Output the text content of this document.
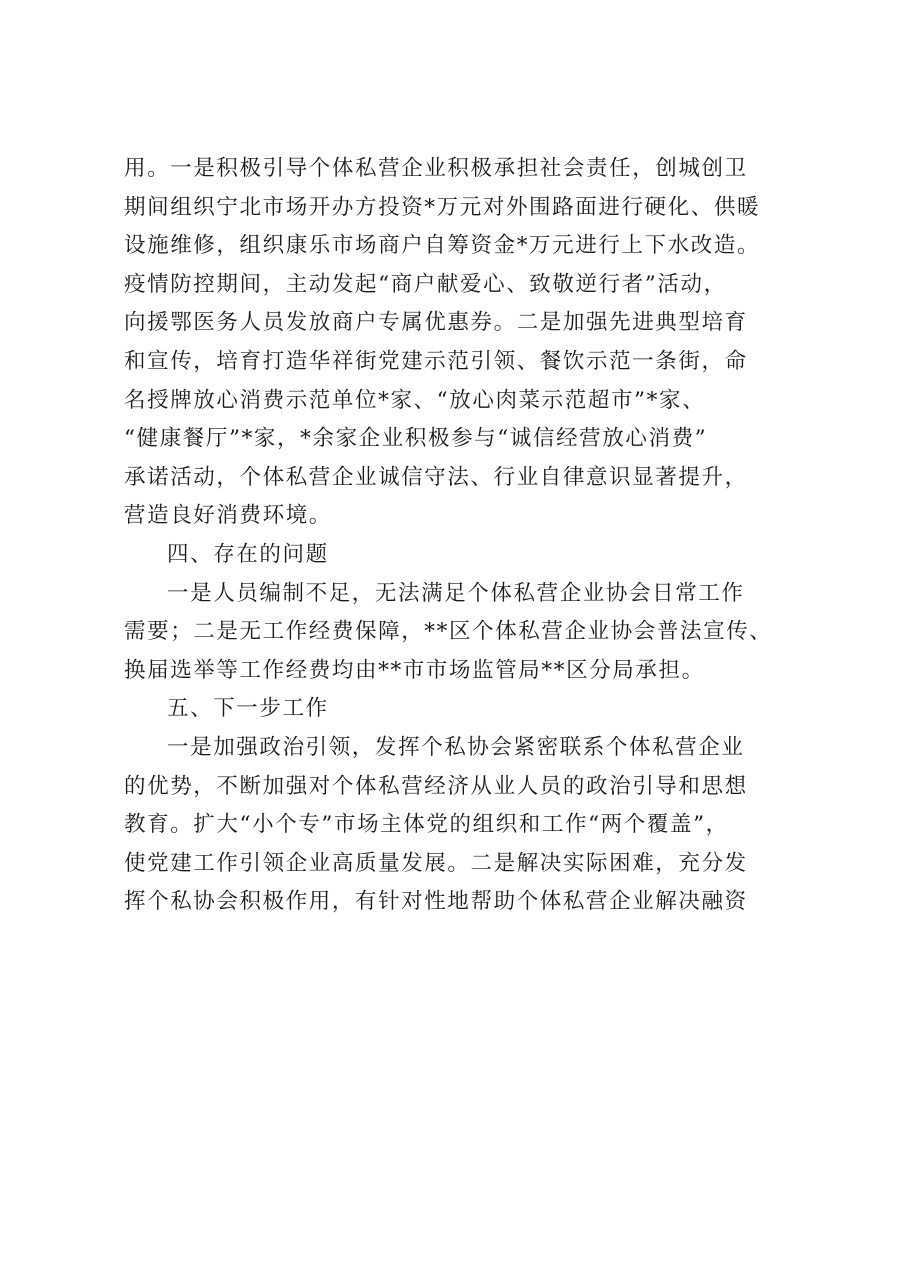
用。一是积极引导个体私营企业积极承担社会责任，创城创卫
期间组织宁北市场开办方投资*万元对外围路面进行硬化、供暖
设施维修，组织康乐市场商户自筹资金*万元进行上下水改造。
疫情防控期间，主动发起“商户献爱心、致敬逆行者”活动，
向援鄂医务人员发放商户专属优惠券。二是加强先进典型培育
和宣传，培育打造华祥街党建示范引领、餐饮示范一条街，命
名授牌放心消费示范单位*家、“放心肉菜示范超市”*家、
“健康餐厅”*家，*余家企业积极参与“诚信经营放心消费”
承诺活动，个体私营企业诚信守法、行业自律意识显著提升，
营造良好消费环境。
四、存在的问题
一是人员编制不足，无法满足个体私营企业协会日常工作
需要；二是无工作经费保障，**区个体私营企业协会普法宣传、
换届选举等工作经费均由**市市场监管局**区分局承担。
五、下一步工作
一是加强政治引领，发挥个私协会紧密联系个体私营企业
的优势，不断加强对个体私营经济从业人员的政治引导和思想
教育。扩大“小个专”市场主体党的组织和工作“两个覆盖”，
使党建工作引领企业高质量发展。二是解决实际困难，充分发
挥个私协会积极作用，有针对性地帮助个体私营企业解决融资
